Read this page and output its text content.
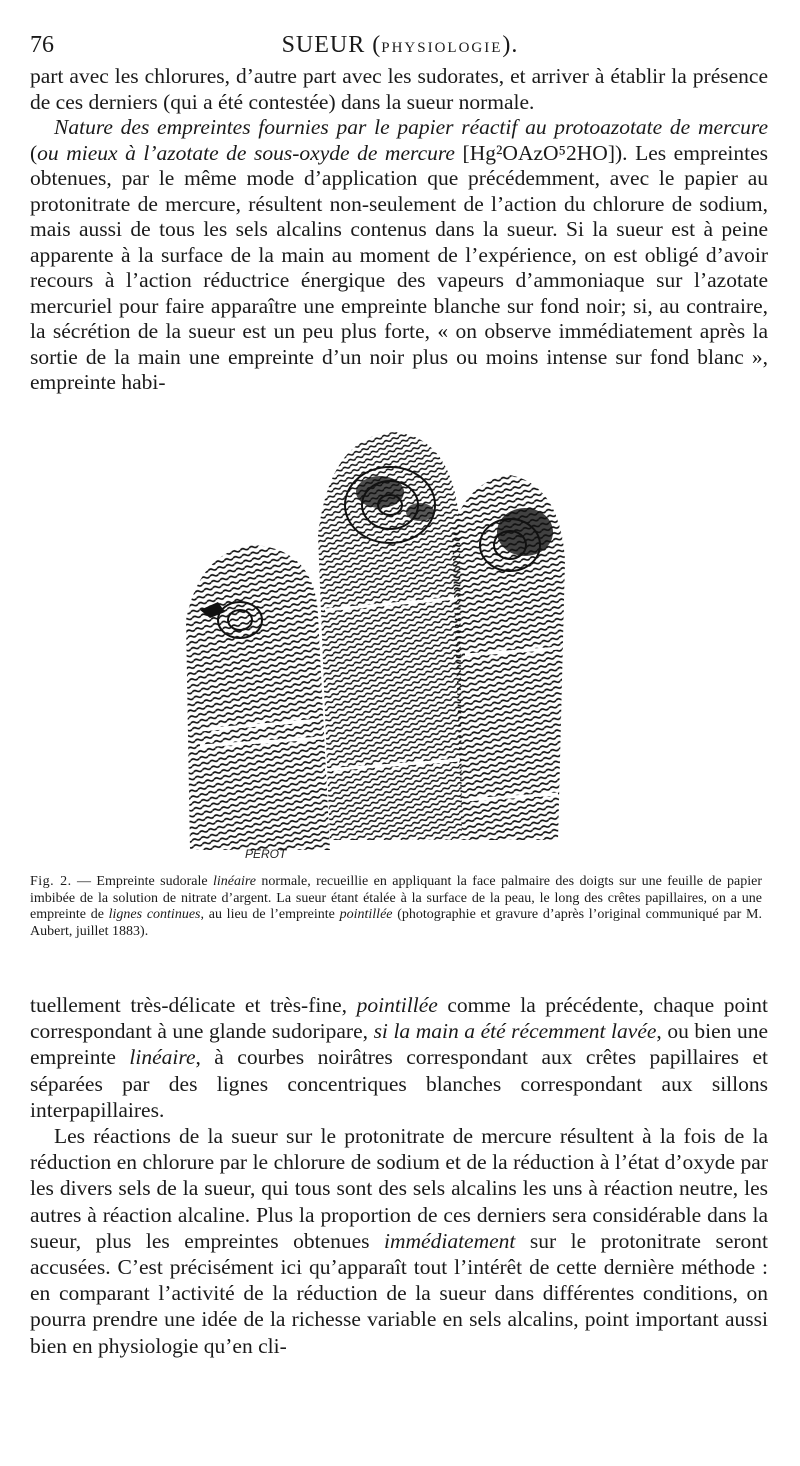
76	SUEUR (PHYSIOLOGIE).

part avec les chlorures, d’autre part avec les sudorates, et arriver à établir la présence de ces derniers (qui a été contestée) dans la sueur normale.

Nature des empreintes fournies par le papier réactif au protoazotate de mercure (ou mieux à l’azotate de sous-oxyde de mercure [Hg²OAzO⁵2HO]). Les empreintes obtenues, par le même mode d’application que précédemment, avec le papier au protonitrate de mercure, résultent non-seulement de l’action du chlorure de sodium, mais aussi de tous les sels alcalins contenus dans la sueur. Si la sueur est à peine apparente à la surface de la main au moment de l’expérience, on est obligé d’avoir recours à l’action réductrice énergique des vapeurs d’ammoniaque sur l’azotate mercuriel pour faire apparaître une empreinte blanche sur fond noir; si, au contraire, la sécrétion de la sueur est un peu plus forte, « on observe immédiatement après la sortie de la main une empreinte d’un noir plus ou moins intense sur fond blanc », empreinte habi-

PÉROT
Fig. 2. — Empreinte sudorale linéaire normale, recueillie en appliquant la face palmaire des doigts sur une feuille de papier imbibée de la solution de nitrate d’argent. La sueur étant étalée à la surface de la peau, le long des crêtes papillaires, on a une empreinte de lignes continues, au lieu de l’empreinte pointillée (photographie et gravure d’après l’original communiqué par M. Aubert, juillet 1883).

tuellement très-délicate et très-fine, pointillée comme la précédente, chaque point correspondant à une glande sudoripare, si la main a été récemment lavée, ou bien une empreinte linéaire, à courbes noirâtres correspondant aux crêtes papillaires et séparées par des lignes concentriques blanches correspondant aux sillons interpapillaires.

Les réactions de la sueur sur le protonitrate de mercure résultent à la fois de la réduction en chlorure par le chlorure de sodium et de la réduction à l’état d’oxyde par les divers sels de la sueur, qui tous sont des sels alcalins les uns à réaction neutre, les autres à réaction alcaline. Plus la proportion de ces derniers sera considérable dans la sueur, plus les empreintes obtenues immédiatement sur le protonitrate seront accusées. C’est précisément ici qu’apparaît tout l’intérêt de cette dernière méthode : en comparant l’activité de la réduction de la sueur dans différentes conditions, on pourra prendre une idée de la richesse variable en sels alcalins, point important aussi bien en physiologie qu’en cli-
